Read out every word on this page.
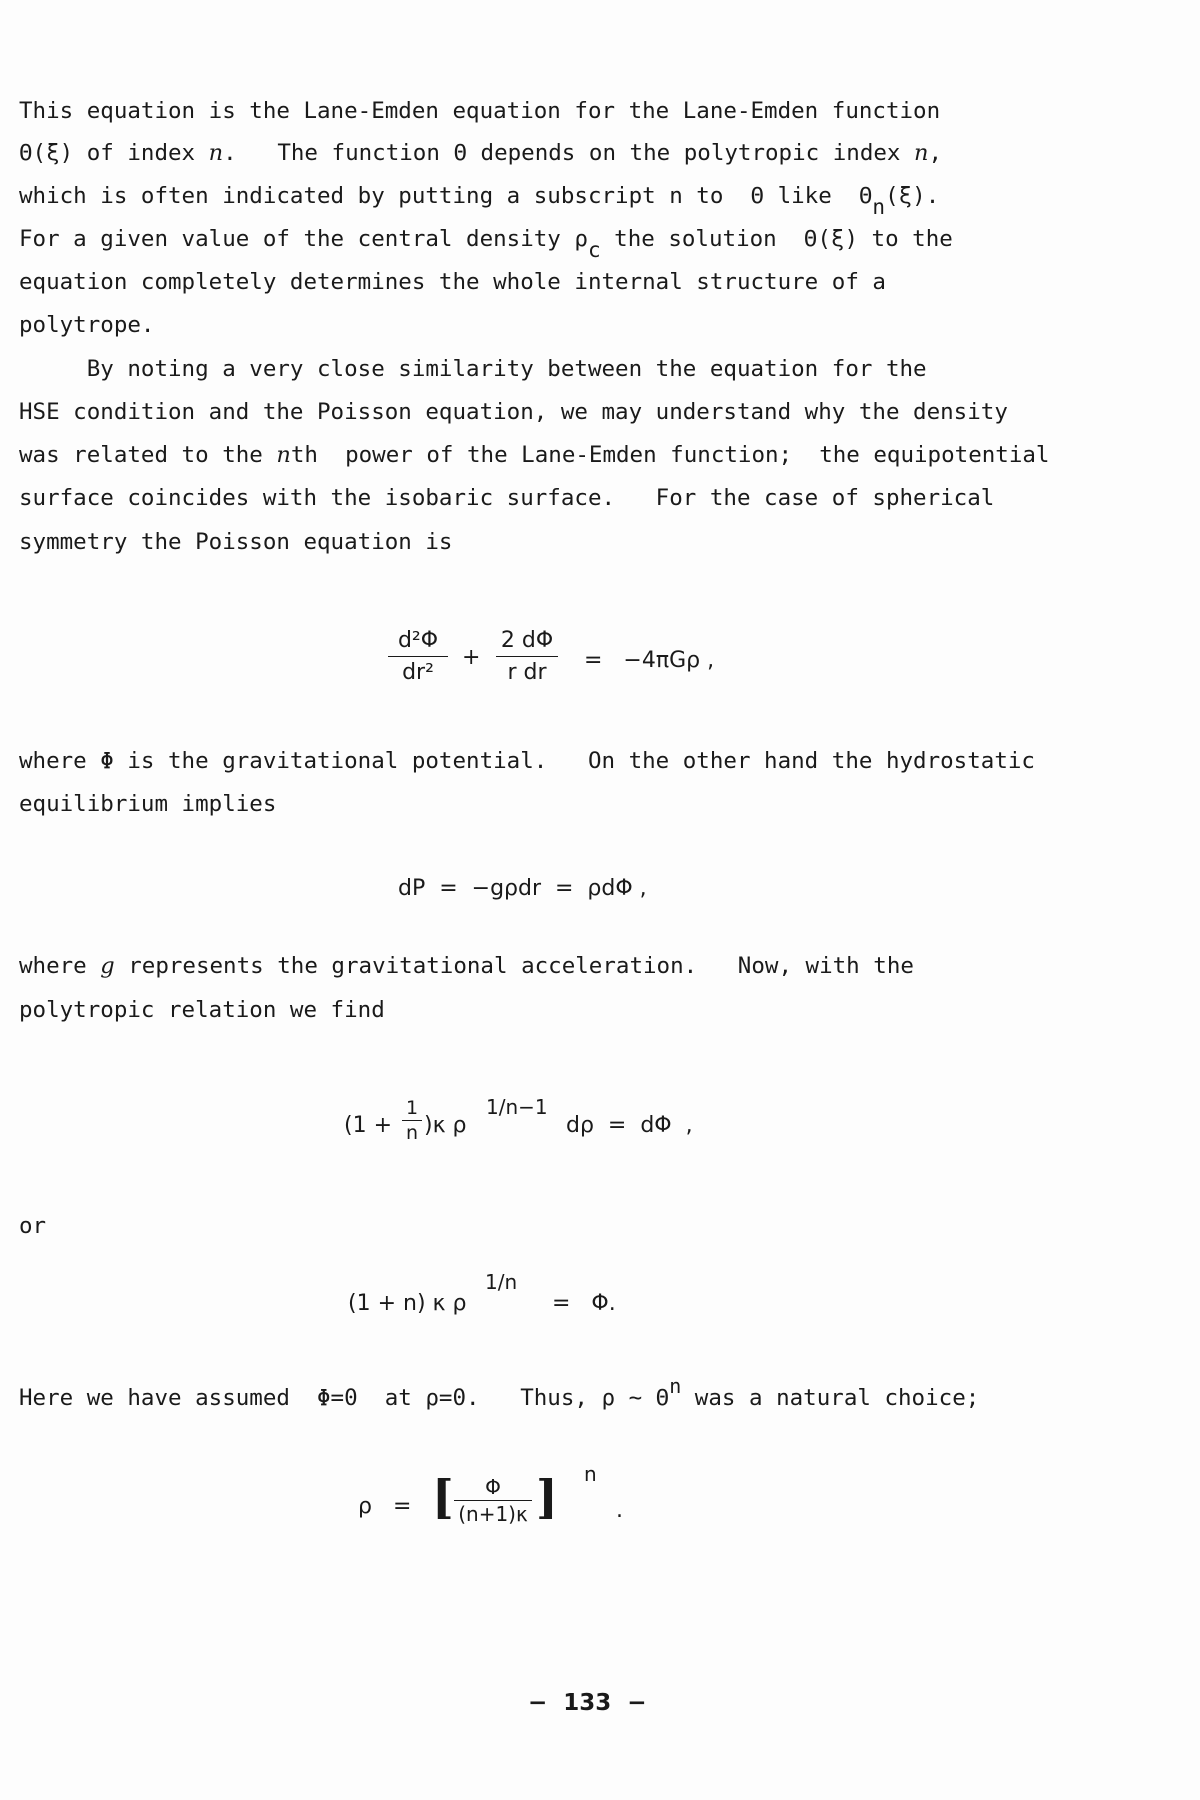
This equation is the Lane-Emden equation for the Lane-Emden function
Θ(ξ) of index n.   The function Θ depends on the polytropic index n,
which is often indicated by putting a subscript n to  Θ like  Θn(ξ).
For a given value of the central density ρc the solution  Θ(ξ) to the
equation completely determines the whole internal structure of a
polytrope.
By noting a very close similarity between the equation for the
HSE condition and the Poisson equation, we may understand why the density
was related to the nth  power of the Lane-Emden function;  the equipotential
surface coincides with the isobaric surface.   For the case of spherical
symmetry the Poisson equation is
d²Φ
dr²
+
2 dΦ
r dr	=   −4πGρ ,
where Φ is the gravitational potential.   On the other hand the hydrostatic
equilibrium implies
dP  =  −gρdr  =  ρdΦ ,
where g represents the gravitational acceleration.   Now, with the
polytropic relation we find
(1 +
1
n )κ ρ
1/n−1
dρ  =  dΦ  ,
or
(1 + n) κ ρ
1/n
=   Φ.
Here we have assumed  Φ=0  at ρ=0.   Thus, ρ ~ Θn was a natural choice;
ρ   = [	Φ
(n+1)κ ] n
.
−  133  −
